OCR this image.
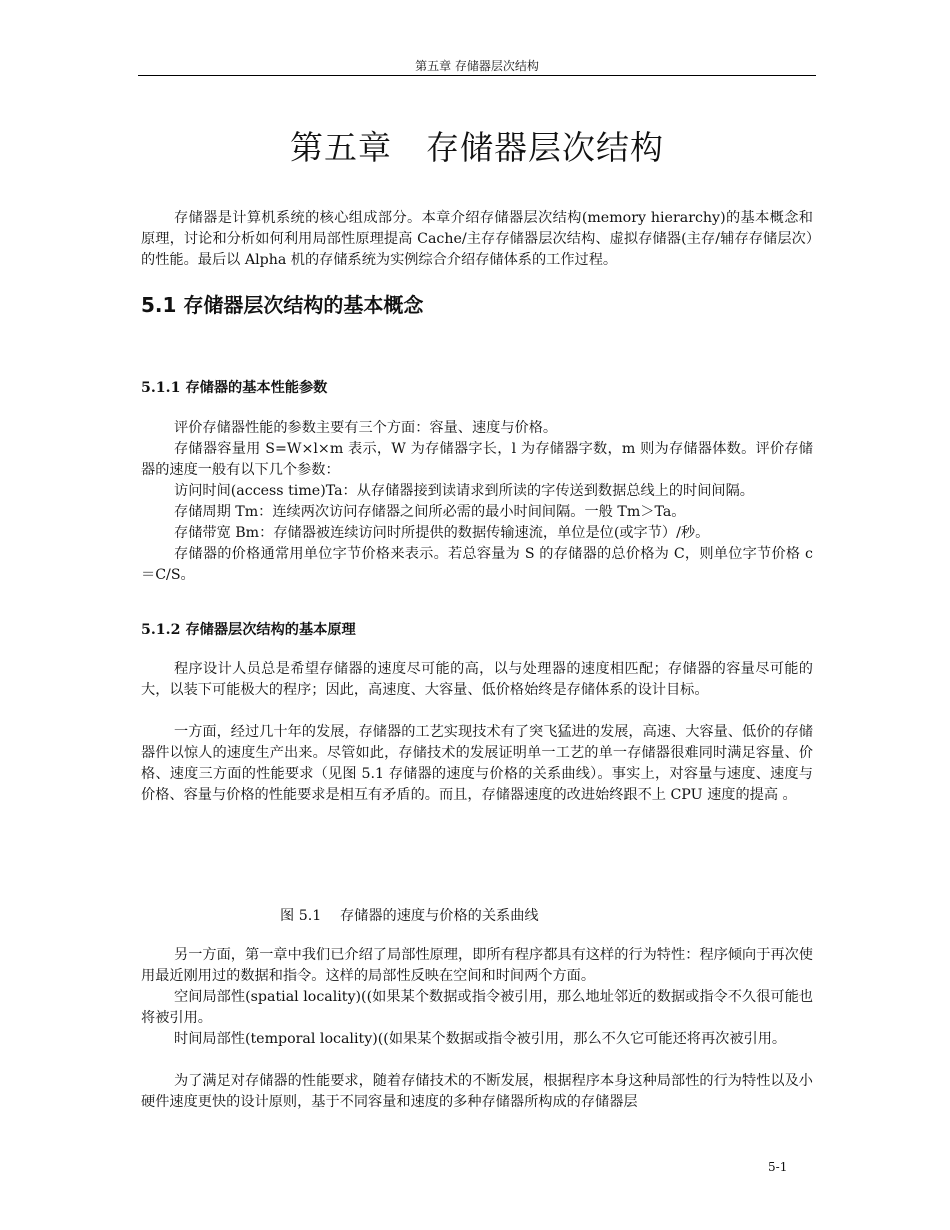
第五章 存储器层次结构
第五章　存储器层次结构

存储器是计算机系统的核心组成部分。本章介绍存储器层次结构(memory hierarchy)的基本概念和原理，讨论和分析如何利用局部性原理提高 Cache/主存存储器层次结构、虚拟存储器(主存/辅存存储层次）的性能。最后以 Alpha 机的存储系统为实例综合介绍存储体系的工作过程。

5.1 存储器层次结构的基本概念
5.1.1 存储器的基本性能参数

评价存储器性能的参数主要有三个方面：容量、速度与价格。

存储器容量用 S=W×l×m 表示，W 为存储器字长，l 为存储器字数，m 则为存储器体数。评价存储器的速度一般有以下几个参数：

访问时间(access time)Ta：从存储器接到读请求到所读的字传送到数据总线上的时间间隔。

存储周期 Tm：连续两次访问存储器之间所必需的最小时间间隔。一般 Tm＞Ta。

存储带宽 Bm：存储器被连续访问时所提供的数据传输速流，单位是位(或字节）/秒。

存储器的价格通常用单位字节价格来表示。若总容量为 S 的存储器的总价格为 C，则单位字节价格 c＝C/S。

5.1.2 存储器层次结构的基本原理

程序设计人员总是希望存储器的速度尽可能的高，以与处理器的速度相匹配；存储器的容量尽可能的大，以装下可能极大的程序；因此，高速度、大容量、低价格始终是存储体系的设计目标。

一方面，经过几十年的发展，存储器的工艺实现技术有了突飞猛进的发展，高速、大容量、低价的存储器件以惊人的速度生产出来。尽管如此，存储技术的发展证明单一工艺的单一存储器很难同时满足容量、价格、速度三方面的性能要求（见图 5.1 存储器的速度与价格的关系曲线）。事实上，对容量与速度、速度与价格、容量与价格的性能要求是相互有矛盾的。而且，存储器速度的改进始终跟不上 CPU 速度的提高 。

图 5.1　 存储器的速度与价格的关系曲线

另一方面，第一章中我们已介绍了局部性原理，即所有程序都具有这样的行为特性：程序倾向于再次使用最近刚用过的数据和指令。这样的局部性反映在空间和时间两个方面。

空间局部性(spatial locality)((如果某个数据或指令被引用，那么地址邻近的数据或指令不久很可能也将被引用。

时间局部性(temporal locality)((如果某个数据或指令被引用，那么不久它可能还将再次被引用。

为了满足对存储器的性能要求，随着存储技术的不断发展，根据程序本身这种局部性的行为特性以及小硬件速度更快的设计原则，基于不同容量和速度的多种存储器所构成的存储器层

5-1
